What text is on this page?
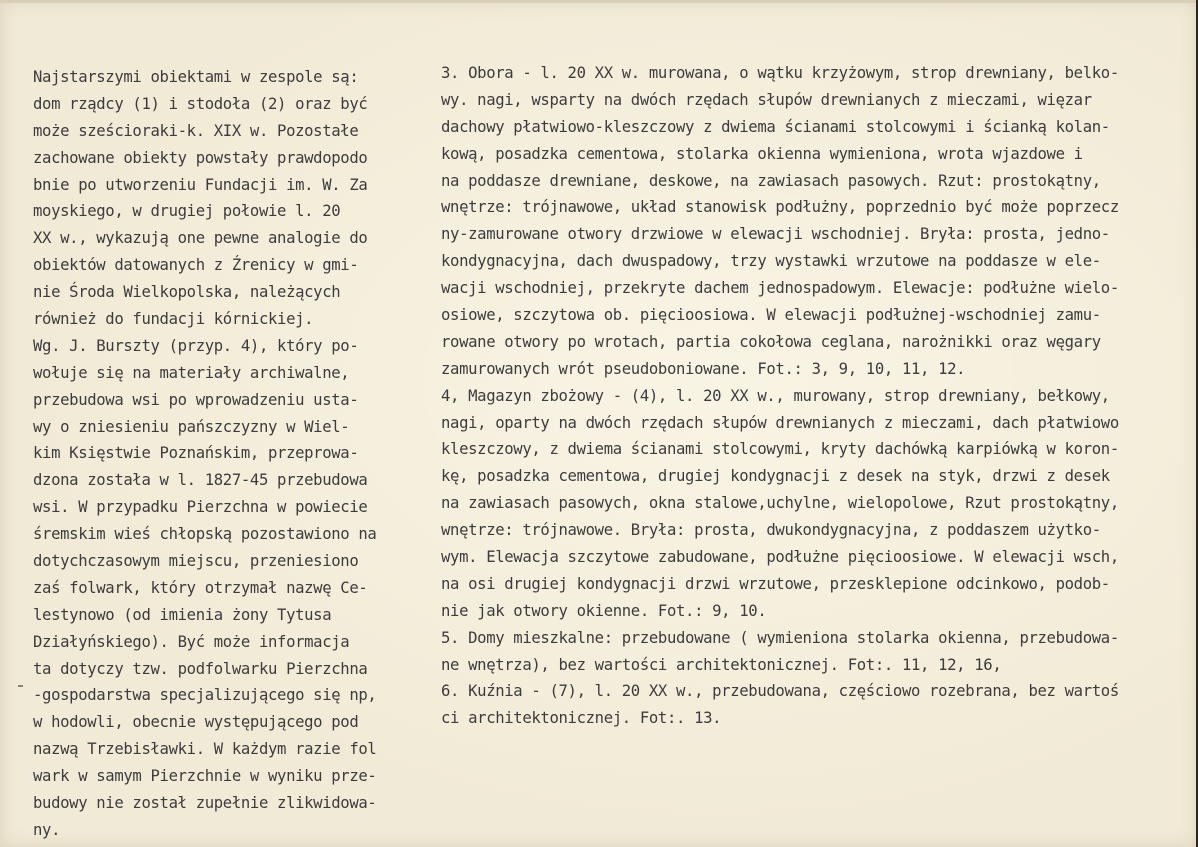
Najstarszymi obiektami w zespole są:
dom rządcy (1) i stodoła (2) oraz być
może sześcioraki-k. XIX w. Pozostałe
zachowane obiekty powstały prawdopodo
bnie po utworzeniu Fundacji im. W. Za
moyskiego, w drugiej połowie l. 20
XX w., wykazują one pewne analogie do
obiektów datowanych z Źrenicy w gmi-
nie Środa Wielkopolska, należących
również do fundacji kórnickiej.
Wg. J. Burszty (przyp. 4), który po-
wołuje się na materiały archiwalne,
przebudowa wsi po wprowadzeniu usta-
wy o zniesieniu pańszczyzny w Wiel-
kim Księstwie Poznańskim, przeprowa-
dzona została w l. 1827-45 przebudowa
wsi. W przypadku Pierzchna w powiecie
śremskim wieś chłopską pozostawiono na
dotychczasowym miejscu, przeniesiono
zaś folwark, który otrzymał nazwę Ce-
lestynowo (od imienia żony Tytusa
Działyńskiego). Być może informacja
ta dotyczy tzw. podfolwarku Pierzchna
-gospodarstwa specjalizującego się np,
w hodowli, obecnie występującego pod
nazwą Trzebisławki. W każdym razie fol
wark w samym Pierzchnie w wyniku prze-
budowy nie został zupełnie zlikwidowa-
ny.
3. Obora - l. 20 XX w. murowana, o wątku krzyżowym, strop drewniany, belko-
wy. nagi, wsparty na dwóch rzędach słupów drewnianych z mieczami, więzar
dachowy płatwiowo-kleszczowy z dwiema ścianami stolcowymi i ścianką kolan-
kową, posadzka cementowa, stolarka okienna wymieniona, wrota wjazdowe i
na poddasze drewniane, deskowe, na zawiasach pasowych. Rzut: prostokątny,
wnętrze: trójnawowe, układ stanowisk podłużny, poprzednio być może poprzecz
ny-zamurowane otwory drzwiowe w elewacji wschodniej. Bryła: prosta, jedno-
kondygnacyjna, dach dwuspadowy, trzy wystawki wrzutowe na poddasze w ele-
wacji wschodniej, przekryte dachem jednospadowym. Elewacje: podłużne wielo-
osiowe, szczytowa ob. pięcioosiowa. W elewacji podłużnej-wschodniej zamu-
rowane otwory po wrotach, partia cokołowa ceglana, narożnikki oraz węgary
zamurowanych wrót pseudoboniowane. Fot.: 3, 9, 10, 11, 12.
4, Magazyn zbożowy - (4), l. 20 XX w., murowany, strop drewniany, bełkowy,
nagi, oparty na dwóch rzędach słupów drewnianych z mieczami, dach płatwiowo
kleszczowy, z dwiema ścianami stolcowymi, kryty dachówką karpiówką w koron-
kę, posadzka cementowa, drugiej kondygnacji z desek na styk, drzwi z desek
na zawiasach pasowych, okna stalowe,uchylne, wielopolowe, Rzut prostokątny,
wnętrze: trójnawowe. Bryła: prosta, dwukondygnacyjna, z poddaszem użytko-
wym. Elewacja szczytowe zabudowane, podłużne pięcioosiowe. W elewacji wsch,
na osi drugiej kondygnacji drzwi wrzutowe, przesklepione odcinkowo, podob-
nie jak otwory okienne. Fot.: 9, 10.
5. Domy mieszkalne: przebudowane ( wymieniona stolarka okienna, przebudowa-
ne wnętrza), bez wartości architektonicznej. Fot:. 11, 12, 16,
6. Kuźnia - (7), l. 20 XX w., przebudowana, częściowo rozebrana, bez wartoś
ci architektonicznej. Fot:. 13.
